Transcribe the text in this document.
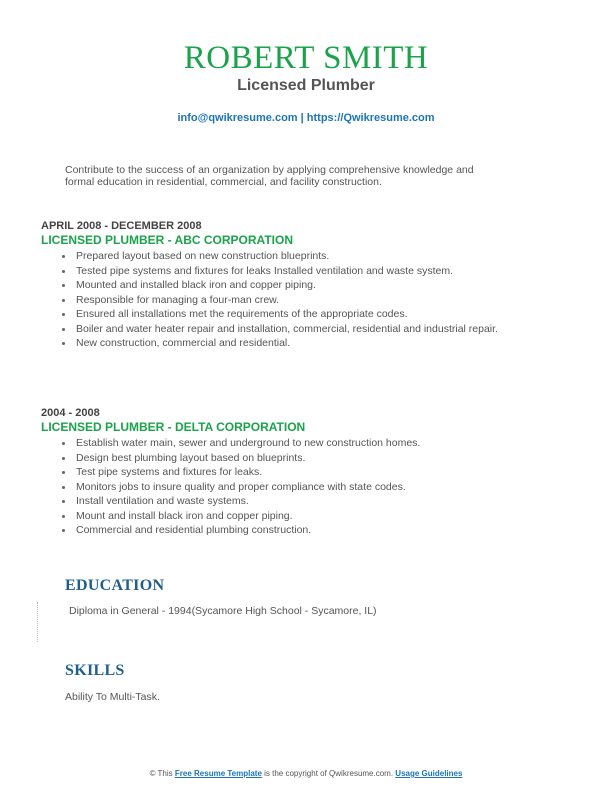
ROBERT SMITH
Licensed Plumber
info@qwikresume.com | https://Qwikresume.com
Contribute to the success of an organization by applying comprehensive knowledge and formal education in residential, commercial, and facility construction.
APRIL 2008 - DECEMBER 2008
LICENSED PLUMBER - ABC CORPORATION
Prepared layout based on new construction blueprints.
Tested pipe systems and fixtures for leaks Installed ventilation and waste system.
Mounted and installed black iron and copper piping.
Responsible for managing a four-man crew.
Ensured all installations met the requirements of the appropriate codes.
Boiler and water heater repair and installation, commercial, residential and industrial repair.
New construction, commercial and residential.
2004 - 2008
LICENSED PLUMBER - DELTA CORPORATION
Establish water main, sewer and underground to new construction homes.
Design best plumbing layout based on blueprints.
Test pipe systems and fixtures for leaks.
Monitors jobs to insure quality and proper compliance with state codes.
Install ventilation and waste systems.
Mount and install black iron and copper piping.
Commercial and residential plumbing construction.
EDUCATION
Diploma in General - 1994(Sycamore High School - Sycamore, IL)
SKILLS
Ability To Multi-Task.
© This Free Resume Template is the copyright of Qwikresume.com. Usage Guidelines
